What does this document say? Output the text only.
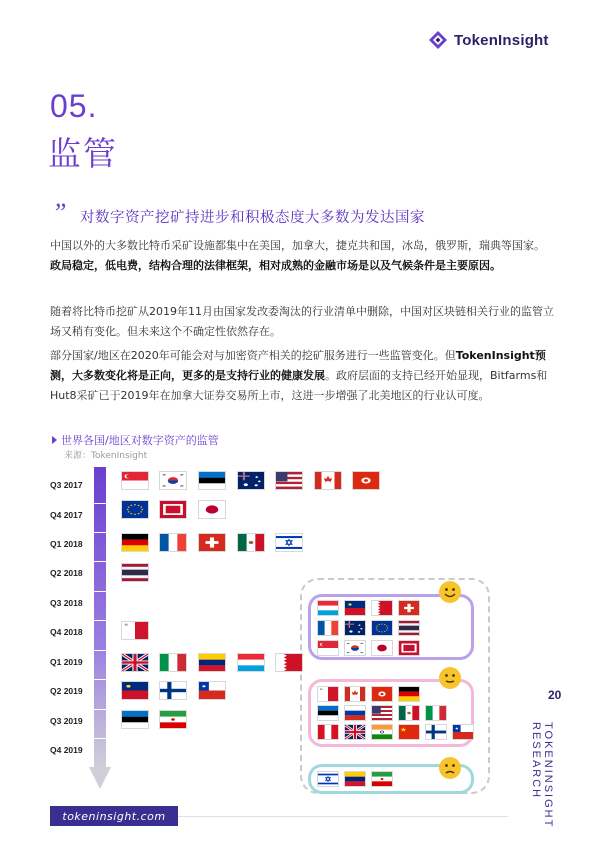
TokenInsight
05.
监管
” 对数字资产挖矿持进步和积极态度大多数为发达国家
中国以外的大多数比特币采矿设施都集中在美国，加拿大，捷克共和国，冰岛，俄罗斯，瑞典等国家。政局稳定，低电费，结构合理的法律框架，相对成熟的金融市场是以及气候条件是主要原因。
随着将比特币挖矿从2019年11月由国家发改委淘汰的行业清单中删除，中国对区块链相关行业的监管立场又稍有变化。但未来这个不确定性依然存在。
部分国家/地区在2020年可能会对与加密资产相关的挖矿服务进行一些监管变化。但TokenInsight预测，大多数变化将是正向，更多的是支持行业的健康发展。政府层面的支持已经开始显现，Bitfarms和Hut8采矿已于2019年在加拿大证券交易所上市，这进一步增强了北美地区的行业认可度。
世界各国/地区对数字资产的监管
来源：TokenInsight
Q3 2017
Q4 2017
Q1 2018
Q2 2018
Q3 2018
Q4 2018
Q1 2019
Q2 2019
Q3 2019
Q4 2019
20
TOKENINSIGHT RESEARCH
tokeninsight.com
